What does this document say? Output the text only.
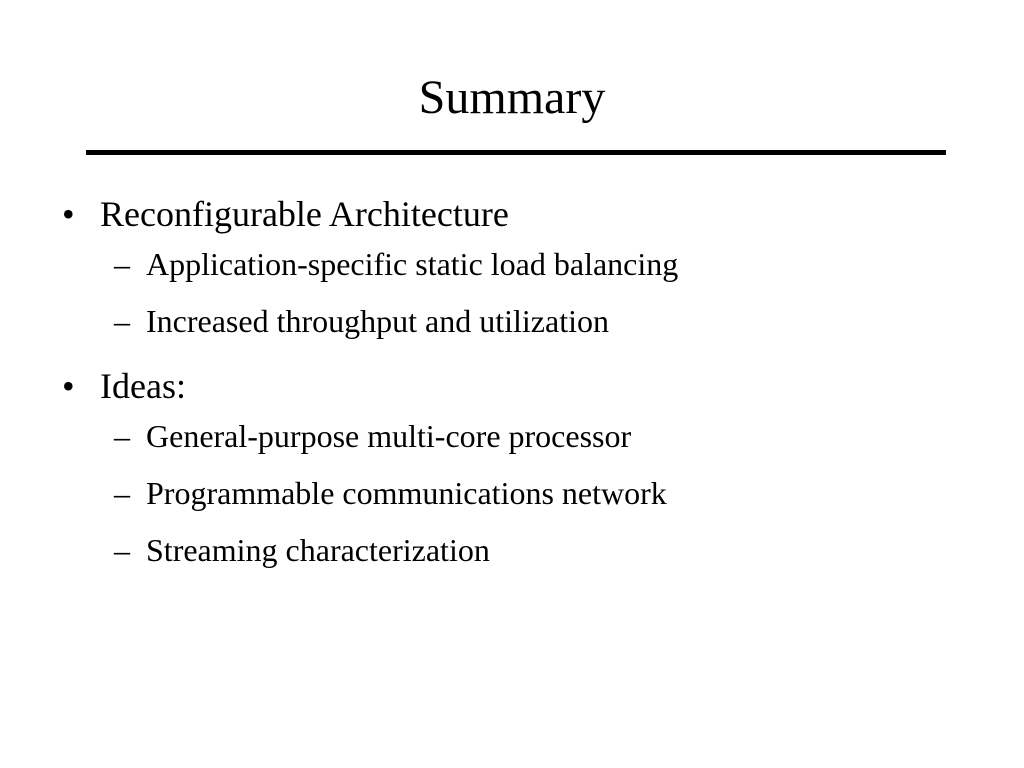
Summary
• Reconfigurable Architecture
– Application-specific static load balancing
– Increased throughput and utilization
• Ideas:
– General-purpose multi-core processor
– Programmable communications network
– Streaming characterization
